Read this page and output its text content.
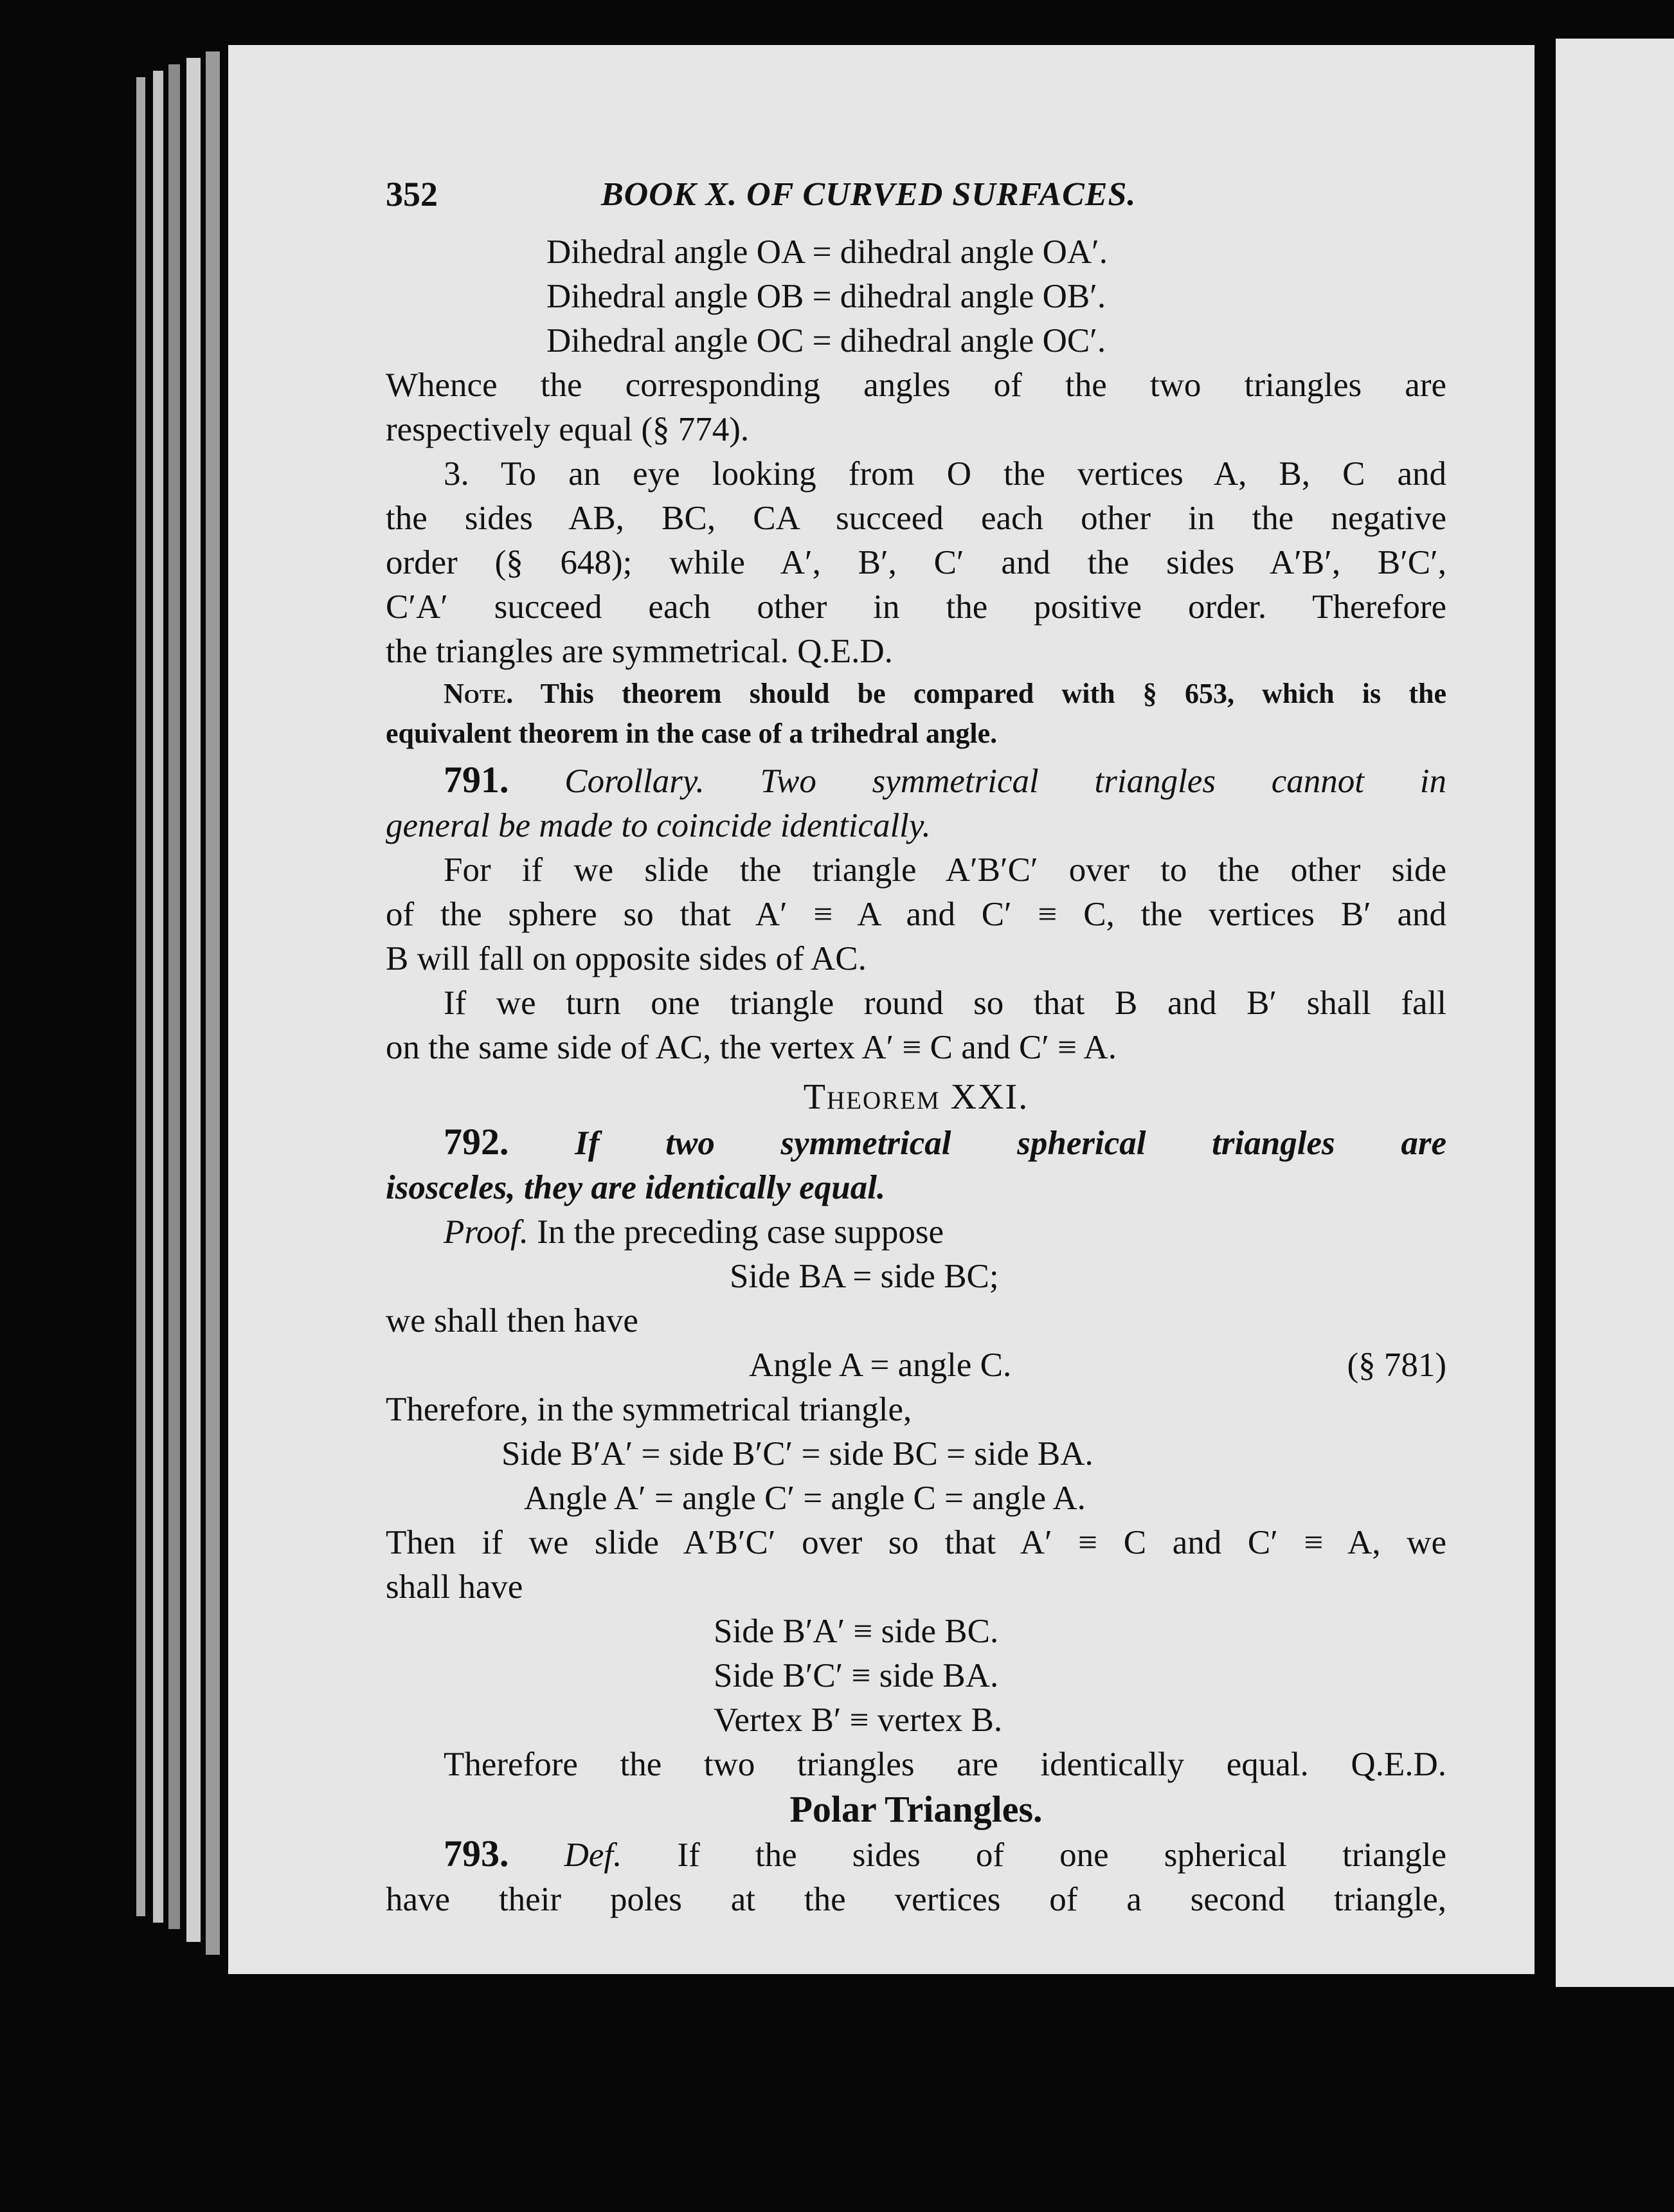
352	BOOK X. OF CURVED SURFACES.

Dihedral angle OA = dihedral angle OA′.

Dihedral angle OB = dihedral angle OB′.

Dihedral angle OC = dihedral angle OC′.

Whence the corresponding angles of the two triangles are

respectively equal (§ 774).

3. To an eye looking from O the vertices A, B, C and

the sides AB, BC, CA succeed each other in the negative

order (§ 648); while A′, B′, C′ and the sides A′B′, B′C′,

C′A′ succeed each other in the positive order. Therefore

the triangles are symmetrical. Q.E.D.

Note. This theorem should be compared with § 653, which is the

equivalent theorem in the case of a trihedral angle.

791. Corollary. Two symmetrical triangles cannot in

general be made to coincide identically.

For if we slide the triangle A′B′C′ over to the other side

of the sphere so that A′ ≡ A and C′ ≡ C, the vertices B′ and

B will fall on opposite sides of AC.

If we turn one triangle round so that B and B′ shall fall

on the same side of AC, the vertex A′ ≡ C and C′ ≡ A.

Theorem XXI.

792. If two symmetrical spherical triangles are

isosceles, they are identically equal.

Proof. In the preceding case suppose

Side BA = side BC;

we shall then have

Angle A = angle C.	(§ 781)

Therefore, in the symmetrical triangle,

Side B′A′ = side B′C′ = side BC = side BA.

Angle A′ = angle C′ = angle C = angle A.

Then if we slide A′B′C′ over so that A′ ≡ C and C′ ≡ A, we

shall have

Side B′A′ ≡ side BC.

Side B′C′ ≡ side BA.

Vertex B′ ≡ vertex B.

Therefore the two triangles are identically equal. Q.E.D.

Polar Triangles.

793. Def. If the sides of one spherical triangle

have their poles at the vertices of a second triangle,
